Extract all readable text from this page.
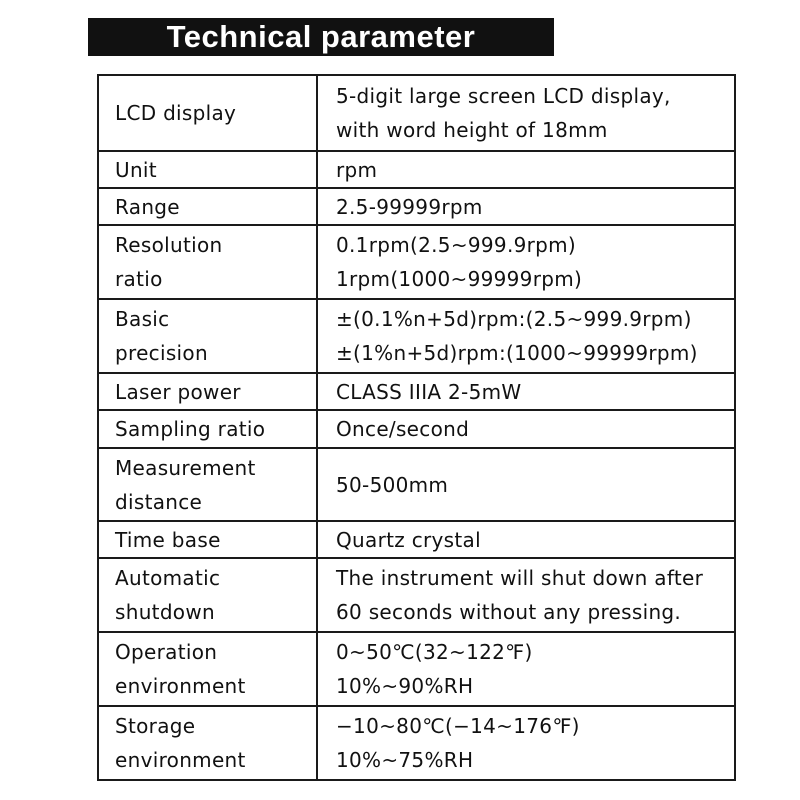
Technical parameter
LCD display	5-digit large screen LCD display,
with word height of 18mm

Unit	rpm

Range	2.5-99999rpm

Resolution
ratio	0.1rpm(2.5~999.9rpm)
1rpm(1000~99999rpm)

Basic
precision	±(0.1%n+5d)rpm:(2.5~999.9rpm)
±(1%n+5d)rpm:(1000~99999rpm)

Laser power	CLASS IIIA 2-5mW

Sampling ratio	Once/second

Measurement
distance	50-500mm

Time base	Quartz crystal

Automatic
shutdown	The instrument will shut down after
60 seconds without any pressing.

Operation
environment	0~50℃(32~122℉)
10%~90%RH

Storage
environment	−10~80℃(−14~176℉)
10%~75%RH
